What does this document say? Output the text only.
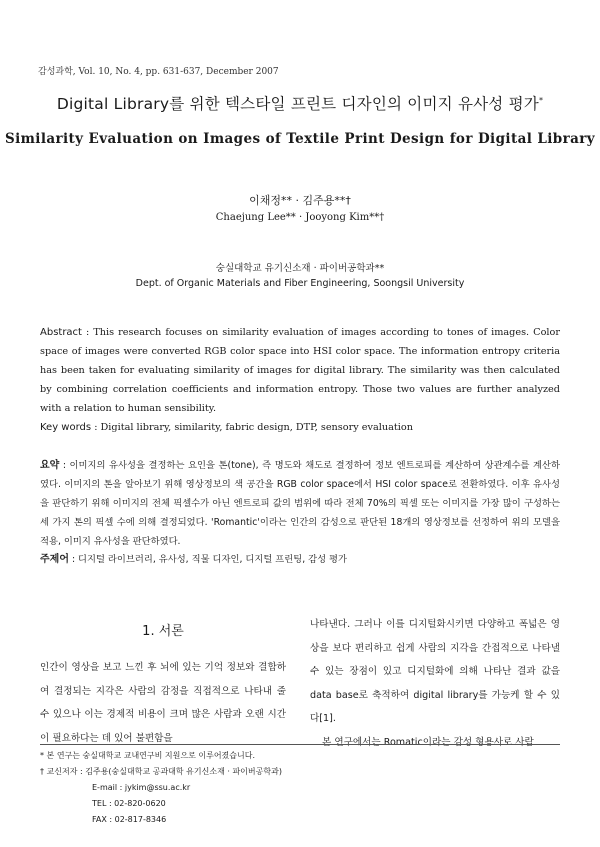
감성과학, Vol. 10, No. 4, pp. 631-637, December 2007
Digital Library를 위한 텍스타일 프린트 디자인의 이미지 유사성 평가*
Similarity Evaluation on Images of Textile Print Design for Digital Library
이채정** · 김주용**†
Chaejung Lee** · Jooyong Kim**†
숭실대학교 유기신소재 · 파이버공학과**
Dept. of Organic Materials and Fiber Engineering, Soongsil University
Abstract : This research focuses on similarity evaluation of images according to tones of images. Color space of images were converted RGB color space into HSI color space. The information entropy criteria has been taken for evaluating similarity of images for digital library. The similarity was then calculated by combining correlation coefficients and information entropy. Those two values are further analyzed with a relation to human sensibility.
Key words : Digital library, similarity, fabric design, DTP, sensory evaluation
요약 : 이미지의 유사성을 결정하는 요인을 톤(tone), 즉 명도와 채도로 결정하여 정보 엔트로피를 계산하여 상관계수를 계산하였다. 이미지의 톤을 알아보기 위해 영상정보의 색 공간을 RGB color space에서 HSI color space로 전환하였다. 이후 유사성을 판단하기 위해 이미지의 전체 픽셀수가 아닌 엔트로피 값의 범위에 따라 전체 70%의 픽셀 또는 이미지를 가장 많이 구성하는 세 가지 톤의 픽셀 수에 의해 결정되었다. 'Romantic'이라는 인간의 감성으로 판단된 18개의 영상정보를 선정하여 위의 모델을 적용, 이미지 유사성을 판단하였다.
주제어 : 디지털 라이브러리, 유사성, 직물 디자인, 디지털 프린팅, 감성 평가
1. 서론

인간이 영상을 보고 느낀 후 뇌에 있는 기억 정보와 결합하여 결정되는 지각은 사람의 감정을 직접적으로 나타내 줄 수 있으나 이는 경제적 비용이 크며 많은 사람과 오랜 시간이 필요하다는 데 있어 불편함을

나타낸다. 그러나 이를 디지털화시키면 다양하고 폭넓은 영상을 보다 편리하고 쉽게 사람의 지각을 간접적으로 나타낼 수 있는 장점이 있고 디지털화에 의해 나타난 결과 값을 data base로 축적하여 digital library를 가능케 할 수 있다[1].

본 연구에서는 Romatic이라는 감성 형용사로 사람

* 본 연구는 숭실대학교 교내연구비 지원으로 이루어졌습니다.
† 교신저자 : 김주용(숭실대학교 공과대학 유기신소재 · 파이버공학과)
E-mail : jykim@ssu.ac.kr
TEL : 02-820-0620
FAX : 02-817-8346
